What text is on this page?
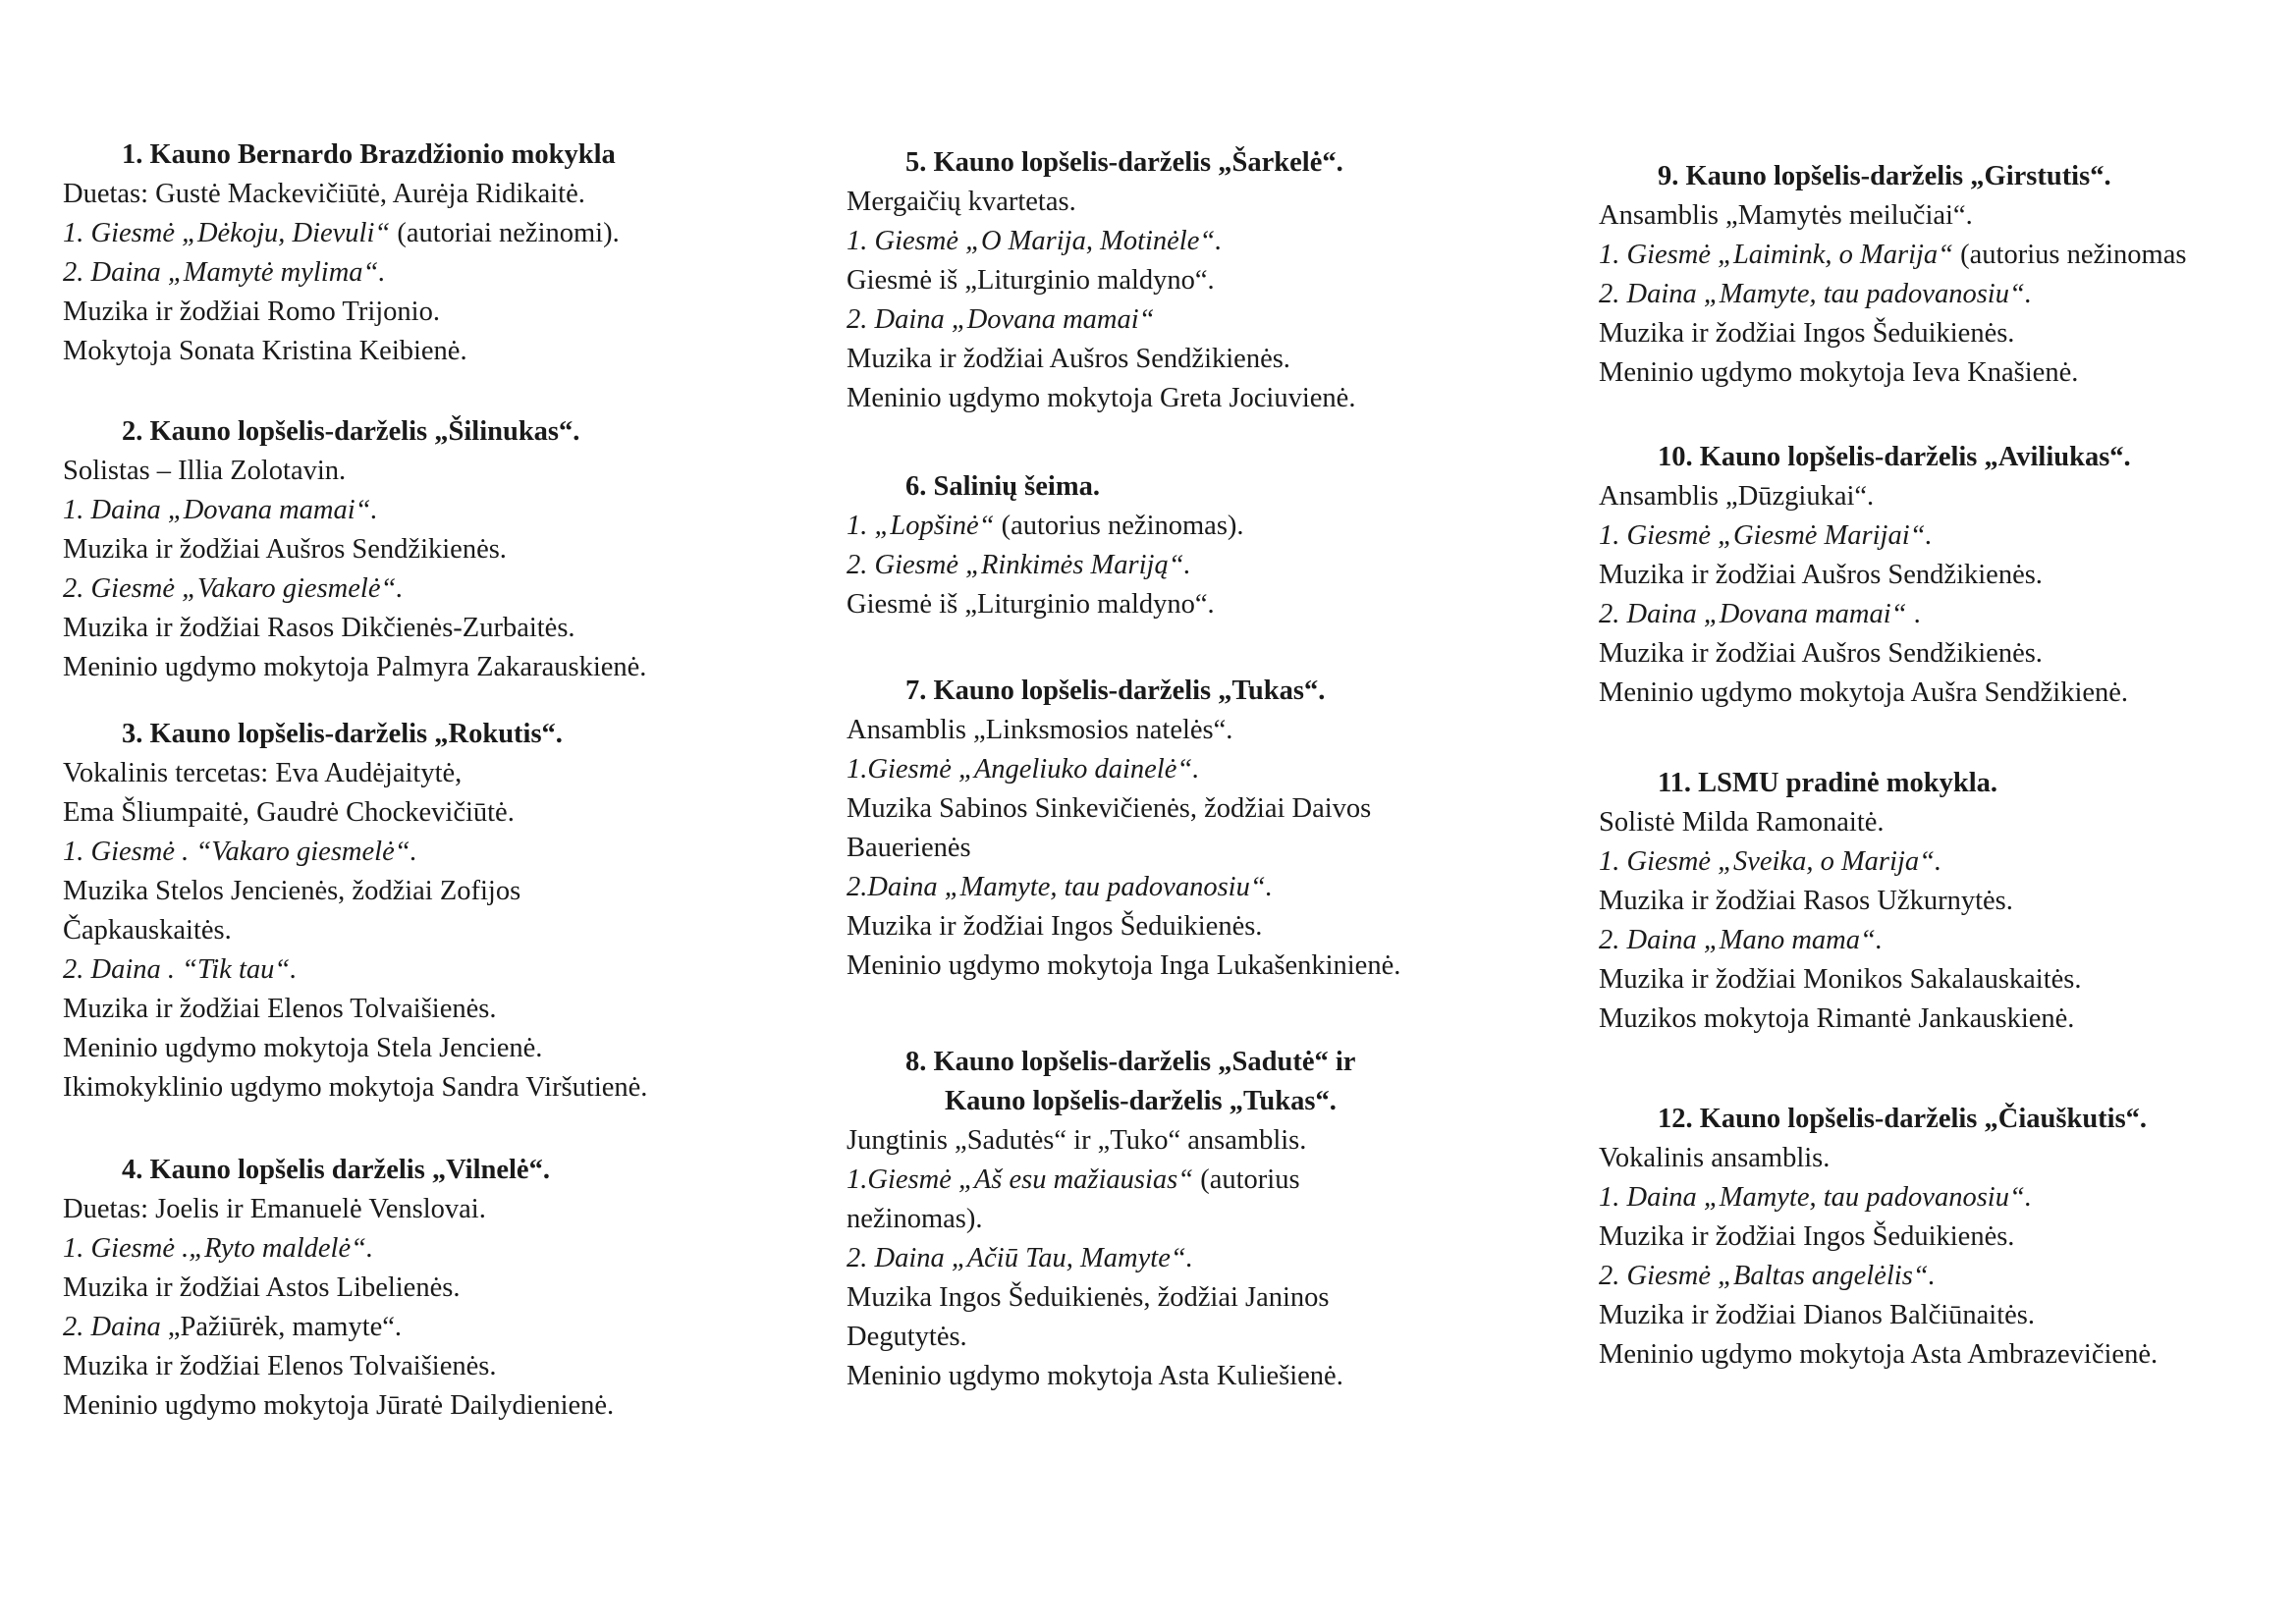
1. Kauno Bernardo Brazdžionio mokykla
Duetas: Gustė Mackevičiūtė, Aurėja Ridikaitė.
1. Giesmė „Dėkoju, Dievuli“ (autoriai nežinomi).
2. Daina „Mamytė mylima“.
Muzika ir žodžiai Romo Trijonio.
Mokytoja Sonata Kristina Keibienė.
2. Kauno lopšelis-darželis „Šilinukas“.
Solistas – Illia Zolotavin.
1. Daina „Dovana mamai“.
Muzika ir žodžiai Aušros Sendžikienės.
2. Giesmė „Vakaro giesmelė“.
Muzika ir žodžiai Rasos Dikčienės-Zurbaitės.
Meninio ugdymo mokytoja Palmyra Zakarauskienė.
3. Kauno lopšelis-darželis „Rokutis“.
Vokalinis tercetas: Eva Audėjaitytė,
Ema Šliumpaitė, Gaudrė Chockevičiūtė.
1. Giesmė . “Vakaro giesmelė“.
Muzika Stelos Jencienės, žodžiai Zofijos
Čapkauskaitės.
2. Daina . “Tik tau“.
Muzika ir žodžiai Elenos Tolvaišienės.
Meninio ugdymo mokytoja Stela Jencienė.
Ikimokyklinio ugdymo mokytoja Sandra Viršutienė.
4. Kauno lopšelis darželis „Vilnelė“.
Duetas: Joelis ir Emanuelė Venslovai.
1. Giesmė .„Ryto maldelė“.
Muzika ir žodžiai Astos Libelienės.
2. Daina „Pažiūrėk, mamyte“.
Muzika ir žodžiai Elenos Tolvaišienės.
Meninio ugdymo mokytoja Jūratė Dailydienienė.
5. Kauno lopšelis-darželis „Šarkelė“.
Mergaičių kvartetas.
1. Giesmė „O Marija, Motinėle“.
Giesmė iš „Liturginio maldyno“.
2. Daina „Dovana mamai“
Muzika ir žodžiai Aušros Sendžikienės.
Meninio ugdymo mokytoja Greta Jociuvienė.
6. Salinių šeima.
1. „Lopšinė“ (autorius nežinomas).
2. Giesmė „Rinkimės Mariją“.
Giesmė iš „Liturginio maldyno“.
7. Kauno lopšelis-darželis „Tukas“.
Ansamblis „Linksmosios natelės“.
1.Giesmė „Angeliuko dainelė“.
Muzika Sabinos Sinkevičienės, žodžiai Daivos
Bauerienės
2.Daina „Mamyte, tau padovanosiu“.
Muzika ir žodžiai Ingos Šeduikienės.
Meninio ugdymo mokytoja Inga Lukašenkinienė.
8. Kauno lopšelis-darželis „Sadutė“ ir
Kauno lopšelis-darželis „Tukas“.
Jungtinis „Sadutės“ ir „Tuko“ ansamblis.
1.Giesmė „Aš esu mažiausias“ (autorius
nežinomas).
2. Daina „Ačiū Tau, Mamyte“.
Muzika Ingos Šeduikienės, žodžiai Janinos
Degutytės.
Meninio ugdymo mokytoja Asta Kuliešienė.
9. Kauno lopšelis-darželis „Girstutis“.
Ansamblis „Mamytės meilučiai“.
1. Giesmė „Laimink, o Marija“ (autorius nežinomas
2. Daina „Mamyte, tau padovanosiu“.
Muzika ir žodžiai Ingos Šeduikienės.
Meninio ugdymo mokytoja Ieva Knašienė.
10. Kauno lopšelis-darželis „Aviliukas“.
Ansamblis „Dūzgiukai“.
1. Giesmė „Giesmė Marijai“.
Muzika ir žodžiai Aušros Sendžikienės.
2. Daina „Dovana mamai“ .
Muzika ir žodžiai Aušros Sendžikienės.
Meninio ugdymo mokytoja Aušra Sendžikienė.
11. LSMU pradinė mokykla.
Solistė Milda Ramonaitė.
1. Giesmė „Sveika, o Marija“.
Muzika ir žodžiai Rasos Užkurnytės.
2. Daina „Mano mama“.
Muzika ir žodžiai Monikos Sakalauskaitės.
Muzikos mokytoja Rimantė Jankauskienė.
12. Kauno lopšelis-darželis „Čiauškutis“.
Vokalinis ansamblis.
1. Daina „Mamyte, tau padovanosiu“.
Muzika ir žodžiai Ingos Šeduikienės.
2. Giesmė „Baltas angelėlis“.
Muzika ir žodžiai Dianos Balčiūnaitės.
Meninio ugdymo mokytoja Asta Ambrazevičienė.
